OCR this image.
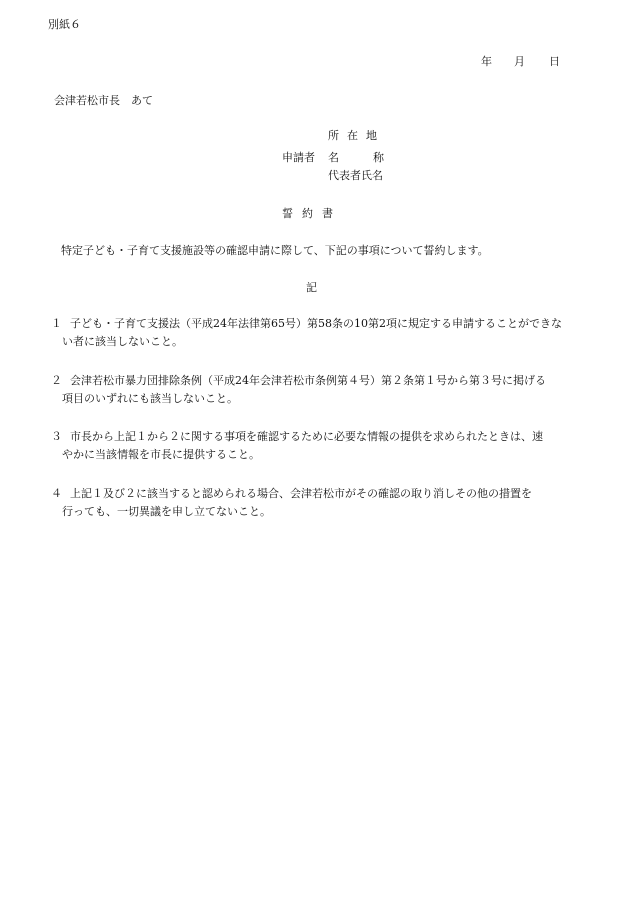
別紙６
年 月 日
会津若松市長　あて
申請者
所在地
名	称
代表者氏名
誓約書
特定子ども・子育て支援施設等の確認申請に際して、下記の事項について誓約します。
記
１ 子ども・子育て支援法（平成24年法律第65号）第58条の10第2項に規定する申請することができな
い者に該当しないこと。
２ 会津若松市暴力団排除条例（平成24年会津若松市条例第４号）第２条第１号から第３号に掲げる
項目のいずれにも該当しないこと。
３ 市長から上記１から２に関する事項を確認するために必要な情報の提供を求められたときは、速
やかに当該情報を市長に提供すること。
４ 上記１及び２に該当すると認められる場合、会津若松市がその確認の取り消しその他の措置を
行っても、一切異議を申し立てないこと。
